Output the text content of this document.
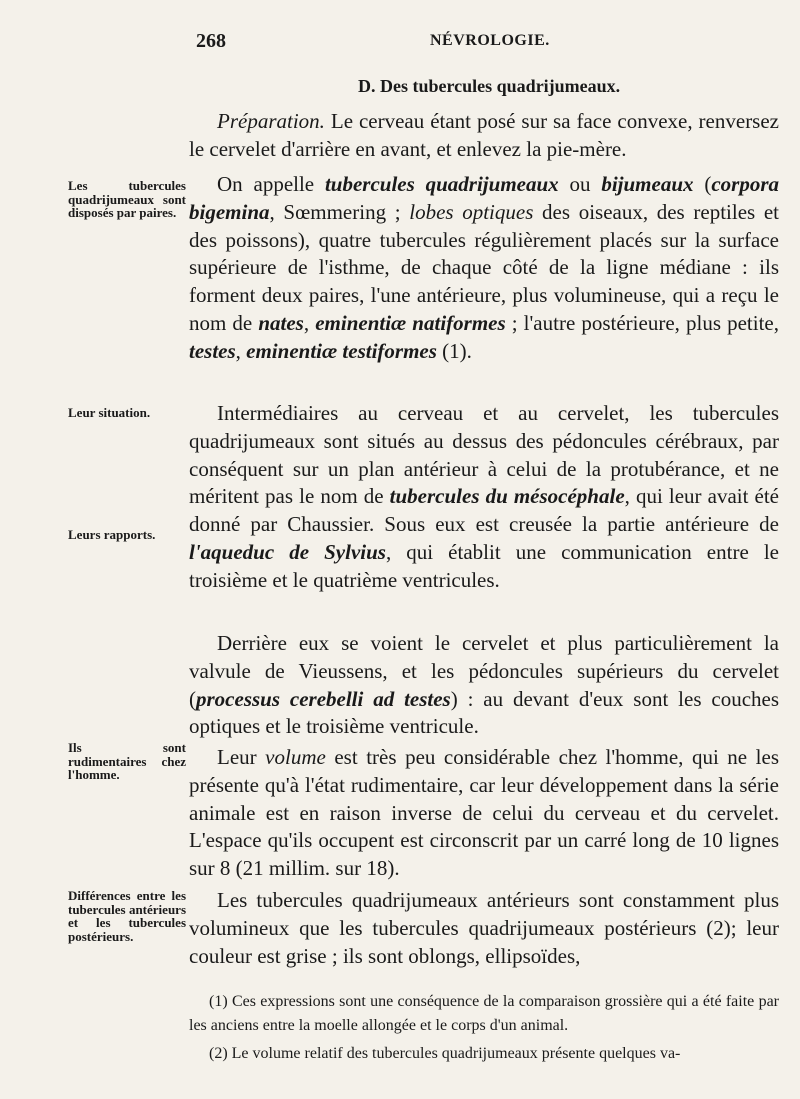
268	NÉVROLOGIE.
D. Des tubercules quadrijumeaux.

Préparation. Le cerveau étant posé sur sa face convexe, renversez le cervelet d'arrière en avant, et enlevez la pie-mère.

On appelle tubercules quadrijumeaux ou bijumeaux (corpora bigemina, Sœmmering ; lobes optiques des oiseaux, des reptiles et des poissons), quatre tubercules régulièrement placés sur la surface supérieure de l'isthme, de chaque côté de la ligne médiane : ils forment deux paires, l'une antérieure, plus volumineuse, qui a reçu le nom de nates, eminentiæ natiformes ; l'autre postérieure, plus petite, testes, eminentiæ testiformes (1).

Intermédiaires au cerveau et au cervelet, les tubercules quadrijumeaux sont situés au dessus des pédoncules cérébraux, par conséquent sur un plan antérieur à celui de la protubérance, et ne méritent pas le nom de tubercules du mésocéphale, qui leur avait été donné par Chaussier. Sous eux est creusée la partie antérieure de l'aqueduc de Sylvius, qui établit une communication entre le troisième et le quatrième ventricules.

Derrière eux se voient le cervelet et plus particulièrement la valvule de Vieussens, et les pédoncules supérieurs du cervelet (processus cerebelli ad testes) : au devant d'eux sont les couches optiques et le troisième ventricule.

Leur volume est très peu considérable chez l'homme, qui ne les présente qu'à l'état rudimentaire, car leur développement dans la série animale est en raison inverse de celui du cerveau et du cervelet. L'espace qu'ils occupent est circonscrit par un carré long de 10 lignes sur 8 (21 millim. sur 18).

Les tubercules quadrijumeaux antérieurs sont constamment plus volumineux que les tubercules quadrijumeaux postérieurs (2); leur couleur est grise ; ils sont oblongs, ellipsoïdes,

Les tubercules quadrijumeaux sont disposés par paires.
Leur situation.
Leurs rapports.
Ils sont rudimentaires chez l'homme.
Différences entre les tubercules antérieurs et les tubercules postérieurs.

(1) Ces expressions sont une conséquence de la comparaison grossière qui a été faite par les anciens entre la moelle allongée et le corps d'un animal.

(2) Le volume relatif des tubercules quadrijumeaux présente quelques va-
